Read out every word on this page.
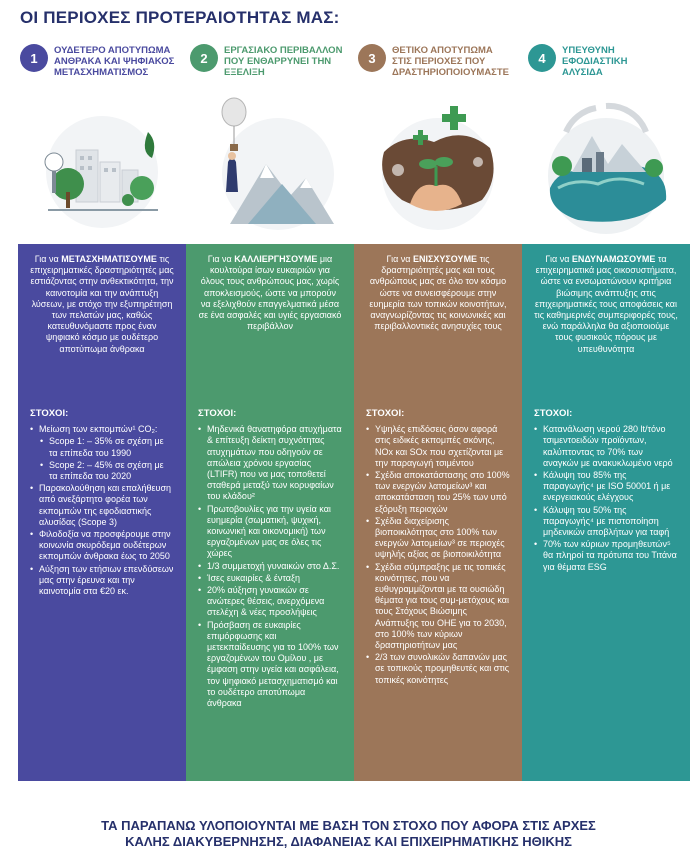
ΟΙ ΠΕΡΙΟΧΕΣ ΠΡΟΤΕΡΑΙΟΤΗΤΑΣ ΜΑΣ:
1	ΟΥΔΕΤΕΡΟ ΑΠΟΤΥΠΩΜΑ
ΑΝΘΡΑΚΑ ΚΑΙ ΨΗΦΙΑΚΟΣ
ΜΕΤΑΣΧΗΜΑΤΙΣΜΟΣ
2	ΕΡΓΑΣΙΑΚΟ ΠΕΡΙΒΑΛΛΟΝ
ΠΟΥ ΕΝΘΑΡΡΥΝΕΙ ΤΗΝ
ΕΞΕΛΙΞΗ
3	ΘΕΤΙΚΟ ΑΠΟΤΥΠΩΜΑ
ΣΤΙΣ ΠΕΡΙΟΧΕΣ ΠΟΥ
ΔΡΑΣΤΗΡΙΟΠΟΙΟΥΜΑΣΤΕ
4	ΥΠΕΥΘΥΝΗ
ΕΦΟΔΙΑΣΤΙΚΗ
ΑΛΥΣΙΔΑ
Για να ΜΕΤΑΣΧΗΜΑΤΙΣΟΥΜΕ τις επιχειρηματικές δραστηριότητές μας εστιάζοντας στην ανθεκτικότητα, την καινοτομία και την ανάπτυξη λύσεων, με στόχο την εξυπηρέτηση των πελατών μας, καθώς κατευθυνόμαστε προς έναν ψηφιακό κόσμο με ουδέτερο αποτύπωμα άνθρακα
ΣΤΟΧΟΙ:
• Μείωση των εκπομπών¹ CO₂:
• Scope 1: – 35% σε σχέση με τα επίπεδα του 1990
• Scope 2: – 45% σε σχέση με τα επίπεδα του 2020
• Παρακολούθηση και επαλήθευση από ανεξάρτητο φορέα των εκπομπών της εφοδιαστικής αλυσίδας (Scope 3)
• Φιλοδοξία να προσφέρουμε στην κοινωνία σκυρόδεμα ουδέτερων εκπομπών άνθρακα έως το 2050
• Αύξηση των ετήσιων επενδύσεων μας στην έρευνα και την καινοτομία στα €20 εκ.
Για να ΚΑΛΛΙΕΡΓΗΣΟΥΜΕ μια κουλτούρα ίσων ευκαιριών για όλους τους ανθρώπους μας, χωρίς αποκλεισμούς, ώστε να μπορούν να εξελιχθούν επαγγελματικά μέσα σε ένα ασφαλές και υγιές εργασιακό περιβάλλον
ΣΤΟΧΟΙ:
• Μηδενικά θανατηφόρα ατυχήματα & επίτευξη δείκτη συχνότητας ατυχημάτων που οδηγούν σε απώλεια χρόνου εργασίας (LTIFR) που να μας τοποθετεί σταθερά μεταξύ των κορυφαίων του κλάδου²
• Πρωτοβουλίες για την υγεία και ευημερία (σωματική, ψυχική, κοινωνική και οικονομική) των εργαζομένων μας σε όλες τις χώρες
• 1/3 συμμετοχή γυναικών στο Δ.Σ.
• Ίσες ευκαιρίες & ένταξη
• 20% αύξηση γυναικών σε ανώτερες θέσεις, ανερχόμενα στελέχη & νέες προσλήψεις
• Πρόσβαση σε ευκαιρίες επιμόρφωσης και μετεκπαίδευσης για το 100% των εργαζομένων του Ομίλου , με έμφαση στην υγεία και ασφάλεια, τον ψηφιακό μετασχηματισμό και το ουδέτερο αποτύπωμα άνθρακα
Για να ΕΝΙΣΧΥΣΟΥΜΕ τις δραστηριότητές μας και τους ανθρώπους μας σε όλο τον κόσμο ώστε να συνεισφέρουμε στην ευημερία των τοπικών κοινοτήτων, αναγνωρίζοντας τις κοινωνικές και περιβαλλοντικές ανησυχίες τους
ΣΤΟΧΟΙ:
• Υψηλές επιδόσεις όσον αφορά στις ειδικές εκπομπές σκόνης, NOx και SOx που σχετίζονται με την παραγωγή τσιμέντου
• Σχέδια αποκατάστασης στο 100% των ενεργών λατομείων³ και αποκατάσταση του 25% των υπό εξόρυξη περιοχών
• Σχέδια διαχείρισης βιοποικιλότητας στο 100% των ενεργών λατομείων³ σε περιοχές υψηλής αξίας σε βιοποικιλότητα
• Σχέδια σύμπραξης με τις τοπικές κοινότητες, που να ευθυγραμμίζονται με τα ουσιώδη θέματα για τους συμ-μετόχους και τους Στόχους Βιώσιμης Ανάπτυξης του ΟΗΕ για το 2030, στο 100% των κύριων δραστηριοτήτων μας
• 2/3 των συνολικών δαπανών μας σε τοπικούς προμηθευτές και στις τοπικές κοινότητες
Για να ΕΝΔΥΝΑΜΩΣΟΥΜΕ τα επιχειρηματικά μας οικοσυστήματα, ώστε να ενσωματώνουν κριτήρια βιώσιμης ανάπτυξης στις επιχειρηματικές τους αποφάσεις και τις καθημερινές συμπεριφορές τους, ενώ παράλληλα θα αξιοποιούμε τους φυσικούς πόρους με υπευθυνότητα
ΣΤΟΧΟΙ:
• Κατανάλωση νερού 280 lt/τόνο τσιμεντοειδών προϊόντων, καλύπτοντας το 70% των αναγκών με ανακυκλωμένο νερό
• Κάλυψη του 85% της παραγωγής⁴ με ISO 50001 ή με ενεργειακούς ελέγχους
• Κάλυψη του 50% της παραγωγής⁴ με πιστοποίηση μηδενικών αποβλήτων για ταφή
• 70% των κύριων προμηθευτών⁵ θα πληροί τα πρότυπα του Τιτάνα για θέματα ESG
ΤΑ ΠΑΡΑΠΑΝΩ ΥΛΟΠΟΙΟΥΝΤΑΙ ΜΕ ΒΑΣΗ ΤΟΝ ΣΤΟΧΟ ΠΟΥ ΑΦΟΡΑ ΣΤΙΣ ΑΡΧΕΣ
ΚΑΛΗΣ ΔΙΑΚΥΒΕΡΝΗΣΗΣ, ΔΙΑΦΑΝΕΙΑΣ ΚΑΙ ΕΠΙΧΕΙΡΗΜΑΤΙΚΗΣ ΗΘΙΚΗΣ
